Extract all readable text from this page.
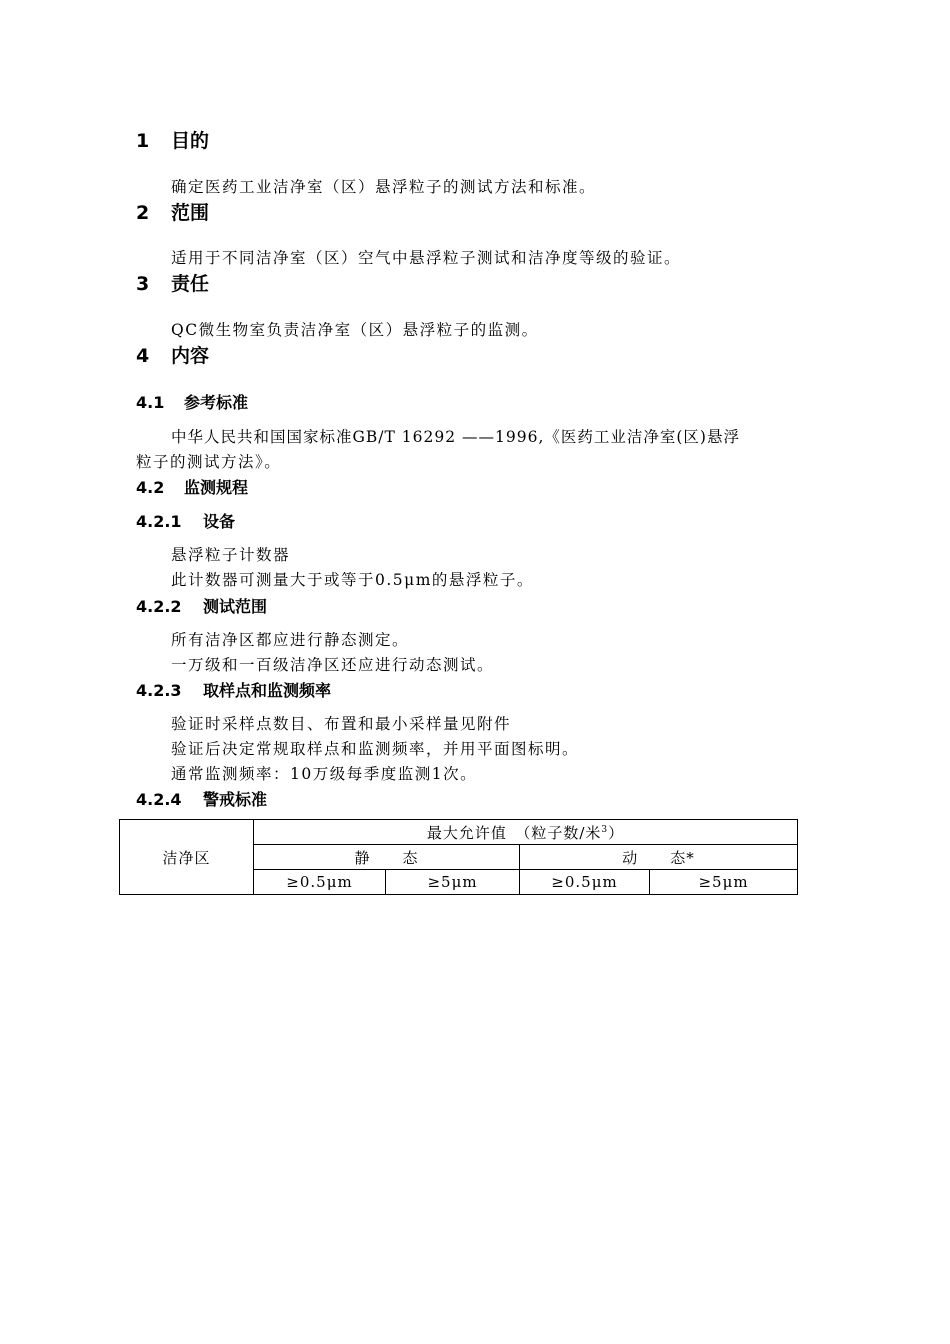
1 目的
确定医药工业洁净室（区）悬浮粒子的测试方法和标准。
2 范围
适用于不同洁净室（区）空气中悬浮粒子测试和洁净度等级的验证。
3 责任
QC微生物室负责洁净室（区）悬浮粒子的监测。
4 内容
4.1 参考标准
中华人民共和国国家标准GB/T 16292 ——1996,《医药工业洁净室(区)悬浮
粒子的测试方法》。
4.2 监测规程
4.2.1 设备
悬浮粒子计数器
此计数器可测量大于或等于0.5μm的悬浮粒子。
4.2.2 测试范围
所有洁净区都应进行静态测定。
一万级和一百级洁净区还应进行动态测试。
4.2.3 取样点和监测频率
验证时采样点数目、布置和最小采样量见附件
验证后决定常规取样点和监测频率，并用平面图标明。
通常监测频率：10万级每季度监测1次。
4.2.4 警戒标准
洁净区	最大允许值　（粒子数/米$^3$）			
	静　　态		动　　态*	
	≥0.5μm	≥5μm	≥0.5μm	≥5μm
